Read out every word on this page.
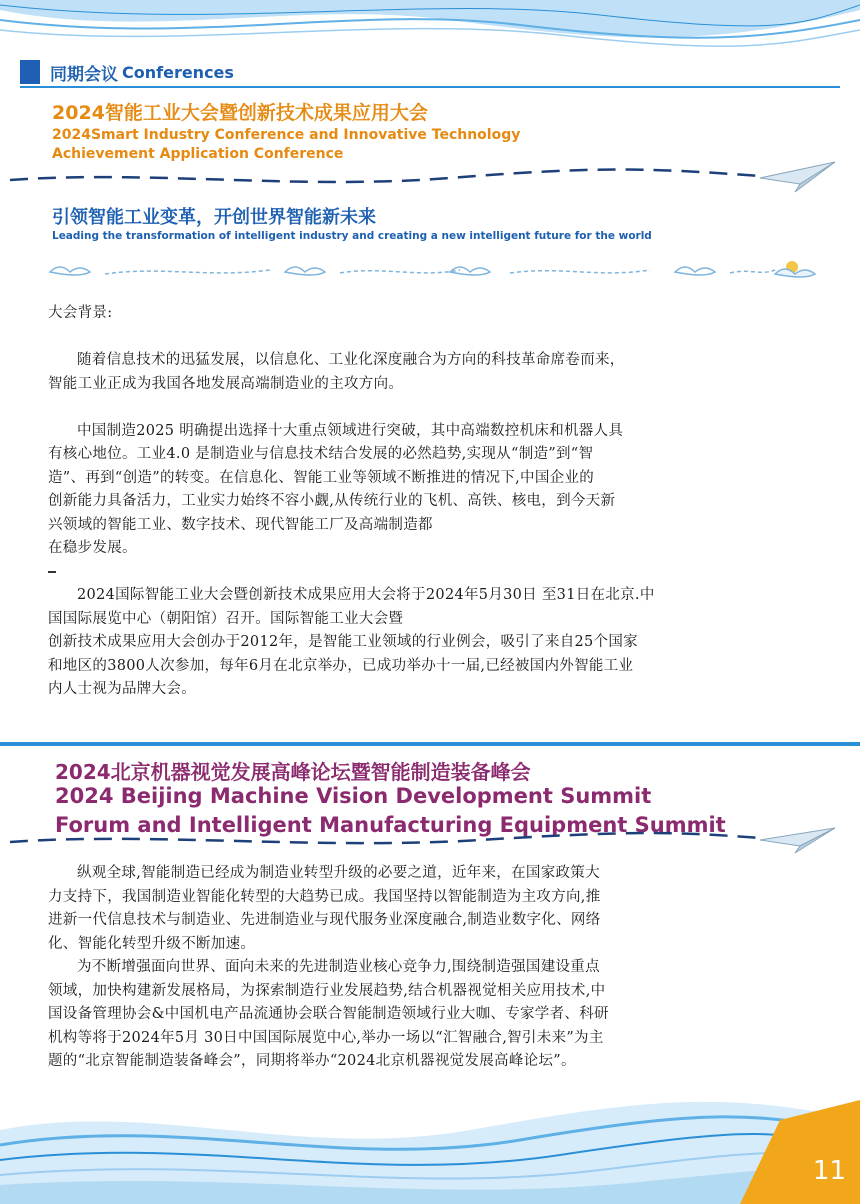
同期会议 Conferences
2024智能工业大会暨创新技术成果应用大会
2024Smart Industry Conference and Innovative Technology
Achievement Application Conference
引领智能工业变革，开创世界智能新未来
Leading the transformation of intelligent industry and creating a new intelligent future for the world

大会背景:

随着信息技术的迅猛发展，以信息化、工业化深度融合为方向的科技革命席卷而来，

智能工业正成为我国各地发展高端制造业的主攻方向。

中国制造2025 明确提出选择十大重点领域进行突破，其中高端数控机床和机器人具

有核心地位。工业4.0 是制造业与信息技术结合发展的必然趋势,实现从“制造”到“智

造”、再到“创造”的转变。在信息化、智能工业等领域不断推进的情况下,中国企业的

创新能力具备活力，工业实力始终不容小觑,从传统行业的飞机、高铁、核电，到今天新

兴领域的智能工业、数字技术、现代智能工厂及高端制造都

在稳步发展。

2024国际智能工业大会暨创新技术成果应用大会将于2024年5月30日 至31日在北京.中

国国际展览中心（朝阳馆）召开。国际智能工业大会暨

创新技术成果应用大会创办于2012年，是智能工业领域的行业例会，吸引了来自25个国家

和地区的3800人次参加，每年6月在北京举办，已成功举办十一届,已经被国内外智能工业

内人士视为品牌大会。

2024北京机器视觉发展高峰论坛暨智能制造装备峰会
2024 Beijing Machine Vision Development Summit
Forum and Intelligent Manufacturing Equipment Summit

纵观全球,智能制造已经成为制造业转型升级的必要之道，近年来，在国家政策大

力支持下，我国制造业智能化转型的大趋势已成。我国坚持以智能制造为主攻方向,推

进新一代信息技术与制造业、先进制造业与现代服务业深度融合,制造业数字化、网络

化、智能化转型升级不断加速。

为不断增强面向世界、面向未来的先进制造业核心竞争力,围绕制造强国建设重点

领域，加快构建新发展格局，为探索制造行业发展趋势,结合机器视觉相关应用技术,中

国设备管理协会&中国机电产品流通协会联合智能制造领域行业大咖、专家学者、科研

机构等将于2024年5月 30日中国国际展览中心,举办一场以“汇智融合,智引未来”为主

题的“北京智能制造装备峰会”，同期将举办“2024北京机器视觉发展高峰论坛”。

11
